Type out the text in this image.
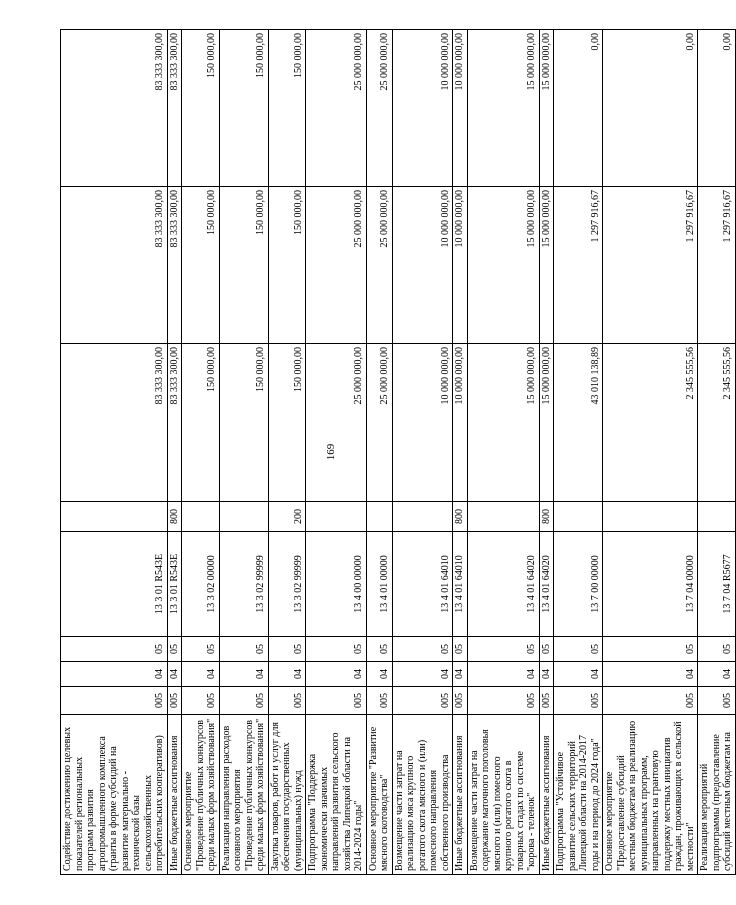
169
Содействие достижению целевых показателей региональных программ развития агропромышленного комплекса (гранты в форме субсидий на развитие материально - технической базы сельскохозяйственных потребительских кооперативов)	005	04	05	13 3 01 R543E		83 333 300,00	83 333 300,00	83 333 300,00
Иные бюджетные ассигнования	005	04	05	13 3 01 R543E	800	83 333 300,00	83 333 300,00	83 333 300,00
Основное мероприятие "Проведение публичных конкурсов среди малых форм хозяйствования"	005	04	05	13 3 02 00000		150 000,00	150 000,00	150 000,00
Реализация направления расходов основного мероприятия "Проведение публичных конкурсов среди малых форм хозяйствования"	005	04	05	13 3 02 99999		150 000,00	150 000,00	150 000,00
Закупка товаров, работ и услуг для обеспечения государственных (муниципальных) нужд	005	04	05	13 3 02 99999	200	150 000,00	150 000,00	150 000,00
Подпрограмма "Поддержка экономически значимых направлений развития сельского хозяйства Липецкой области на 2014-2024 годы"	005	04	05	13 4 00 00000		25 000 000,00	25 000 000,00	25 000 000,00
Основное мероприятие "Развитие мясного скотоводства"	005	04	05	13 4 01 00000		25 000 000,00	25 000 000,00	25 000 000,00
Возмещение части затрат на реализацию мяса крупного рогатого скота мясного и (или) помесного направления собственного производства	005	04	05	13 4 01 64010		10 000 000,00	10 000 000,00	10 000 000,00
Иные бюджетные ассигнования	005	04	05	13 4 01 64010	800	10 000 000,00	10 000 000,00	10 000 000,00
Возмещение части затрат на содержание маточного поголовья мясного и (или) помесного крупного рогатого скота в товарных стадах по системе "корова - теленок"	005	04	05	13 4 01 64020		15 000 000,00	15 000 000,00	15 000 000,00
Иные бюджетные ассигнования	005	04	05	13 4 01 64020	800	15 000 000,00	15 000 000,00	15 000 000,00
Подпрограмма "Устойчивое развитие сельских территорий Липецкой области на 2014-2017 годы и на период до 2024 года"	005	04	05	13 7 00 00000		43 010 138,89	1 297 916,67	0,00
Основное мероприятие "Предоставление субсидий местным бюджетам на реализацию муниципальных программ, направленных на грантовую поддержку местных инициатив граждан, проживающих в сельской местности"	005	04	05	13 7 04 00000		2 345 555,56	1 297 916,67	0,00
Реализация мероприятий подпрограммы (предоставление субсидий местным бюджетам на	005	04	05	13 7 04 R5677		2 345 555,56	1 297 916,67	0,00
